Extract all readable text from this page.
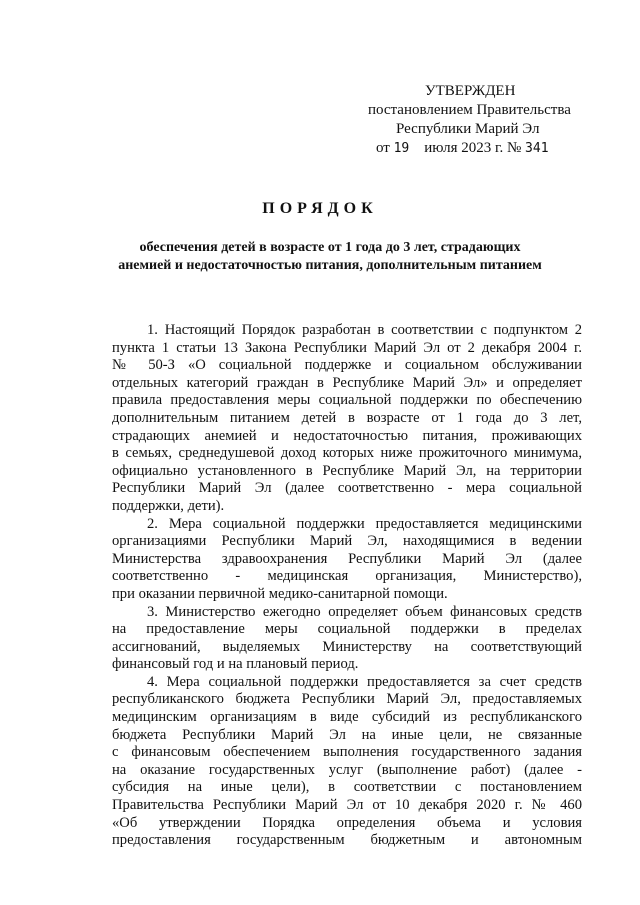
УТВЕРЖДЕН
постановлением Правительства
Республики Марий Эл
от 19 июля 2023 г. № 341
ПОРЯДОК
обеспечения детей в возрасте от 1 года до 3 лет, страдающих
анемией и недостаточностью питания, дополнительным питанием
1. Настоящий Порядок разработан в соответствии с подпунктом 2
пункта 1 статьи 13 Закона Республики Марий Эл от 2 декабря 2004 г.
№ 50-З «О социальной поддержке и социальном обслуживании
отдельных категорий граждан в Республике Марий Эл» и определяет
правила предоставления меры социальной поддержки по обеспечению
дополнительным питанием детей в возрасте от 1 года до 3 лет,
страдающих анемией и недостаточностью питания, проживающих
в семьях, среднедушевой доход которых ниже прожиточного минимума,
официально установленного в Республике Марий Эл, на территории
Республики Марий Эл (далее соответственно - мера социальной
поддержки, дети).
2. Мера социальной поддержки предоставляется медицинскими
организациями Республики Марий Эл, находящимися в ведении
Министерства здравоохранения Республики Марий Эл (далее
соответственно - медицинская организация, Министерство),
при оказании первичной медико-санитарной помощи.
3. Министерство ежегодно определяет объем финансовых средств
на предоставление меры социальной поддержки в пределах
ассигнований, выделяемых Министерству на соответствующий
финансовый год и на плановый период.
4. Мера социальной поддержки предоставляется за счет средств
республиканского бюджета Республики Марий Эл, предоставляемых
медицинским организациям в виде субсидий из республиканского
бюджета Республики Марий Эл на иные цели, не связанные
с финансовым обеспечением выполнения государственного задания
на оказание государственных услуг (выполнение работ) (далее -
субсидия на иные цели), в соответствии с постановлением
Правительства Республики Марий Эл от 10 декабря 2020 г. № 460
«Об утверждении Порядка определения объема и условия
предоставления государственным бюджетным и автономным
